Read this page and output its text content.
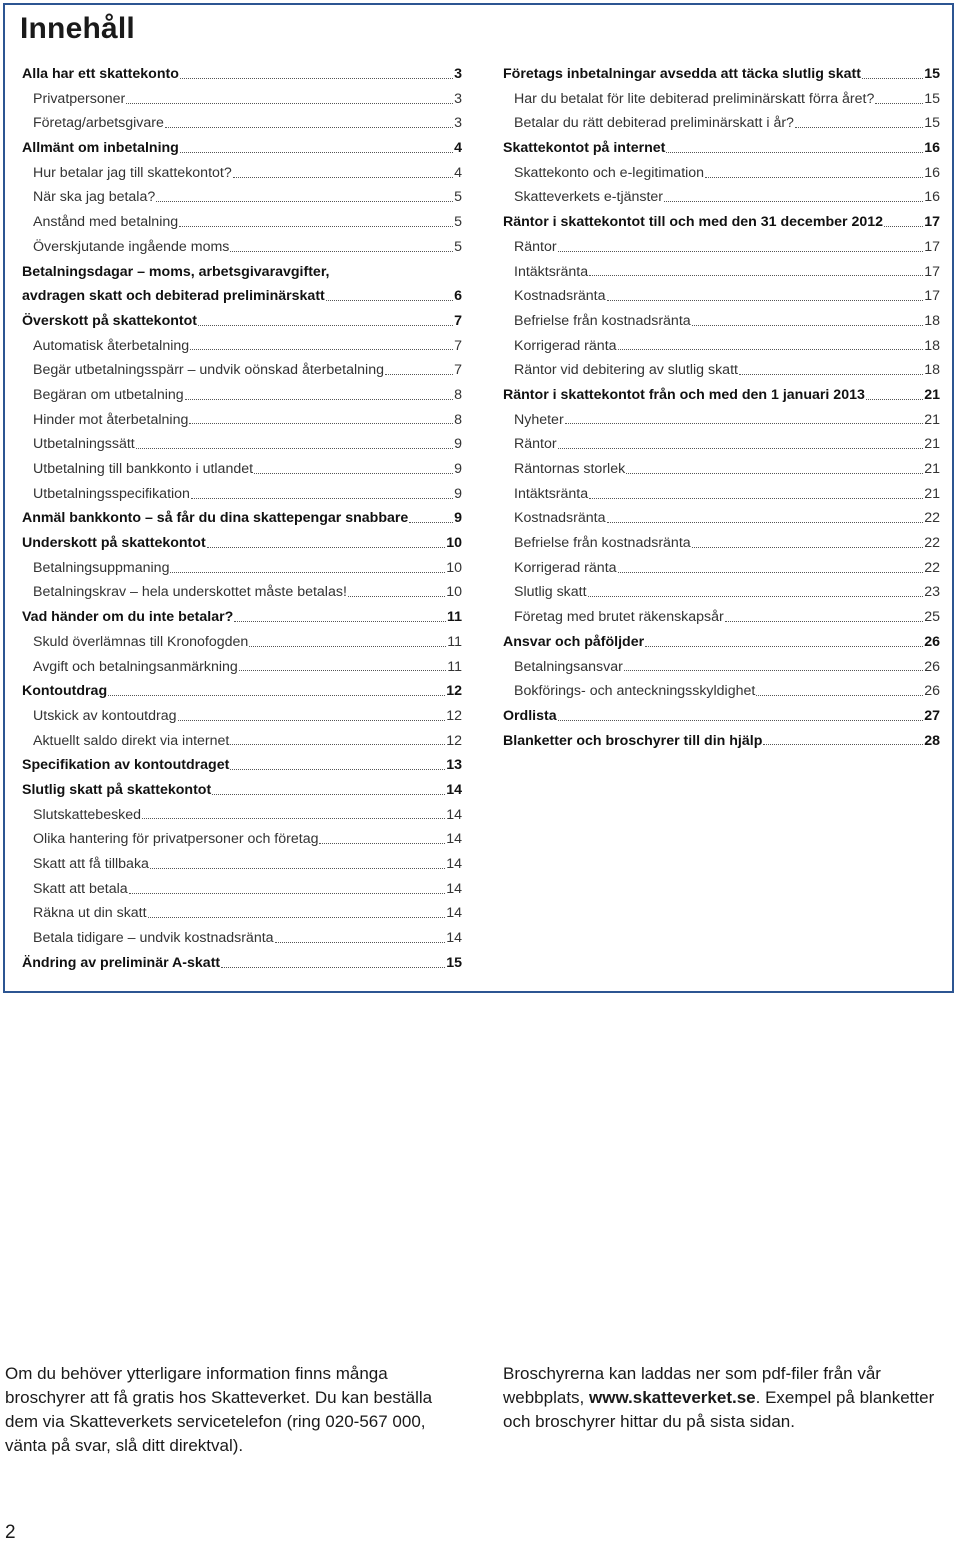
Innehåll
Alla har ett skattekonto	3
Privatpersoner	3
Företag/arbetsgivare	3
Allmänt om inbetalning	4
Hur betalar jag till skattekontot?	4
När ska jag betala?	5
Anstånd med betalning	5
Överskjutande ingående moms	5
Betalningsdagar – moms, arbetsgivaravgifter,
avdragen skatt och debiterad preliminärskatt	6
Överskott på skattekontot	7
Automatisk återbetalning	7
Begär utbetalningsspärr – undvik oönskad återbetalning	7
Begäran om utbetalning	8
Hinder mot återbetalning	8
Utbetalningssätt	9
Utbetalning till bankkonto i utlandet	9
Utbetalningsspecifikation	9
Anmäl bankkonto – så får du dina skattepengar snabbare	9
Underskott på skattekontot	10
Betalningsuppmaning	10
Betalningskrav – hela underskottet måste betalas!	10
Vad händer om du inte betalar?	11
Skuld överlämnas till Kronofogden	11
Avgift och betalningsanmärkning	11
Kontoutdrag	12
Utskick av kontoutdrag	12
Aktuellt saldo direkt via internet	12
Specifikation av kontoutdraget	13
Slutlig skatt på skattekontot	14
Slutskattebesked	14
Olika hantering för privatpersoner och företag	14
Skatt att få tillbaka	14
Skatt att betala	14
Räkna ut din skatt	14
Betala tidigare – undvik kostnadsränta	14
Ändring av preliminär A-skatt	15
Företags inbetalningar avsedda att täcka slutlig skatt	15
Har du betalat för lite debiterad preliminärskatt förra året?	15
Betalar du rätt debiterad preliminärskatt i år?	15
Skattekontot på internet	16
Skattekonto och e-legitimation	16
Skatteverkets e-tjänster	16
Räntor i skattekontot till och med den 31 december 2012	17
Räntor	17
Intäktsränta	17
Kostnadsränta	17
Befrielse från kostnadsränta	18
Korrigerad ränta	18
Räntor vid debitering av slutlig skatt	18
Räntor i skattekontot från och med den 1 januari 2013	21
Nyheter	21
Räntor	21
Räntornas storlek	21
Intäktsränta	21
Kostnadsränta	22
Befrielse från kostnadsränta	22
Korrigerad ränta	22
Slutlig skatt	23
Företag med brutet räkenskapsår	25
Ansvar och påföljder	26
Betalningsansvar	26
Bokförings- och anteckningsskyldighet	26
Ordlista	27
Blanketter och broschyrer till din hjälp	28

Om du behöver ytterligare information finns många broschyrer att få gratis hos Skatteverket. Du kan beställa dem via Skatteverkets servicetelefon (ring 020-567 000, vänta på svar, slå ditt direktval).

Broschyrerna kan laddas ner som pdf-filer från vår webbplats, www.skatteverket.se. Exempel på blanketter och broschyrer hittar du på sista sidan.

2
